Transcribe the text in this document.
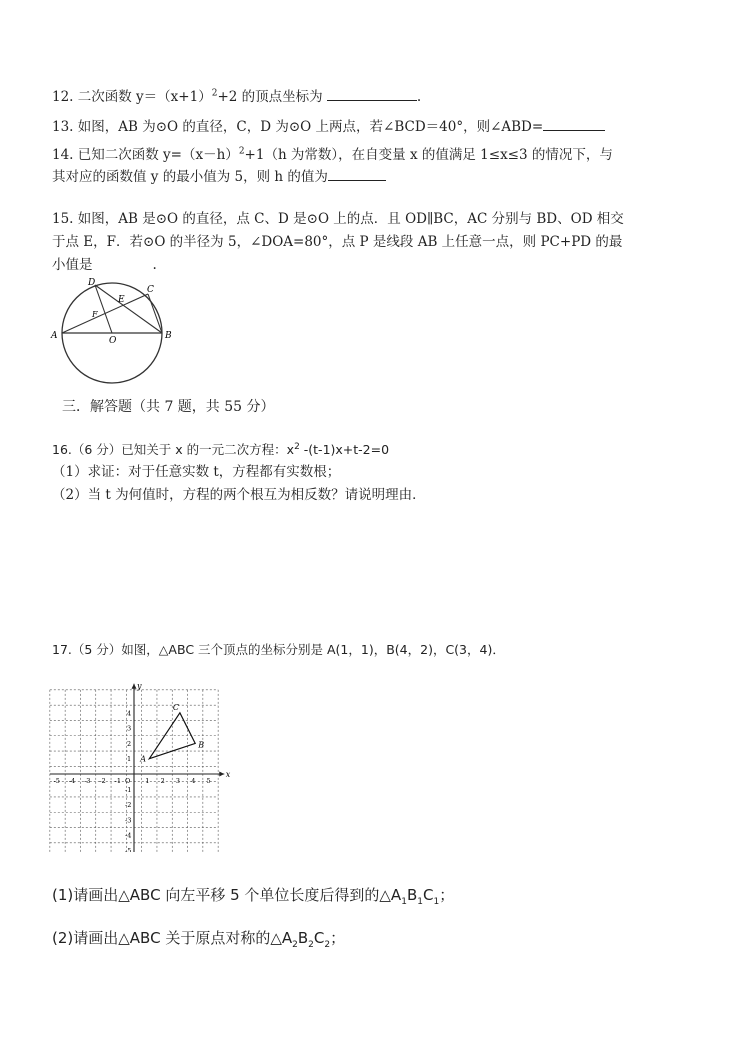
12. 二次函数 $y=(x+1)^2+2$ 的顶点坐标为	.
13. 如图，AB 为⊙O 的直径，C，D 为⊙O 上两点，若∠BCD＝40°，则∠ABD=
14. 已知二次函数 $y=(x-h)^2+1(h$ 为常数），在自变量 x 的值满足 1≤x≤3 的情况下，与
其对应的函数值 y 的最小值为 5，则 h 的值为
15. 如图，AB 是⊙O 的直径，点 C、D 是⊙O 上的点．且 OD∥BC，AC 分别与 BD、OD 相交
于点 E，F．若⊙O 的半径为 5，∠DOA=80°，点 P 是线段 AB 上任意一点，则 PC+PD 的最
小值是	.
D
E
C
F
A	O	B
三．解答题（共 7 题，共 55 分）
16.（6 分）已知关于 x 的一元二次方程：$x^2$ -(t-1)x+t-2=0
（1）求证：对于任意实数 t，方程都有实数根；
（2）当 t 为何值时，方程的两个根互为相反数？请说明理由．
17.（5 分）如图，△ABC 三个顶点的坐标分别是 A(1，1)，B(4，2)，C(3，4)．
x
y
-5 -4 -3 -2 -1 O 1 2 3 4 5
1
2
3
4
-1
-2
-3
-4
-5
A
B
C
(1)请画出△ABC 向左平移 5 个单位长度后得到的$\triangle A_1B_1C_1$；
(2)请画出△ABC 关于原点对称的$\triangle A_2B_2C_2$；
